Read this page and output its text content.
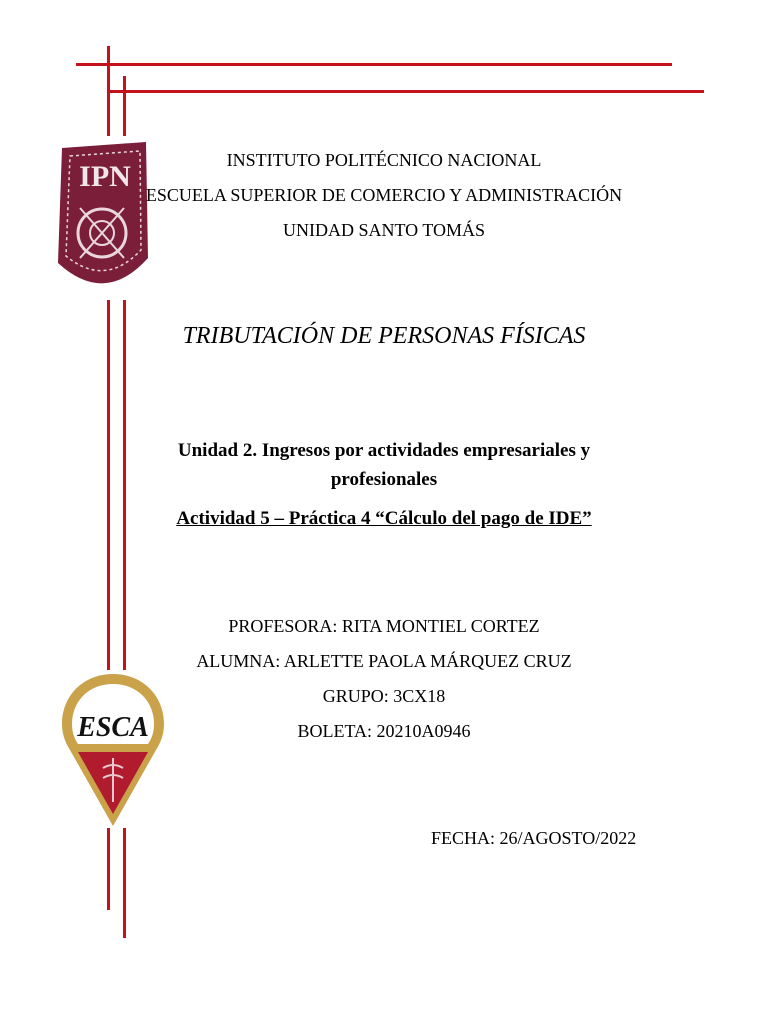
IPN
ESCA
INSTITUTO POLITÉCNICO NACIONAL
ESCUELA SUPERIOR DE COMERCIO Y ADMINISTRACIÓN
UNIDAD SANTO TOMÁS
TRIBUTACIÓN DE PERSONAS FÍSICAS
Unidad 2. Ingresos por actividades empresariales y
profesionales
Actividad 5 – Práctica 4 “Cálculo del pago de IDE”
PROFESORA: RITA MONTIEL CORTEZ
ALUMNA: ARLETTE PAOLA MÁRQUEZ CRUZ
GRUPO: 3CX18
BOLETA: 20210A0946
FECHA: 26/AGOSTO/2022
